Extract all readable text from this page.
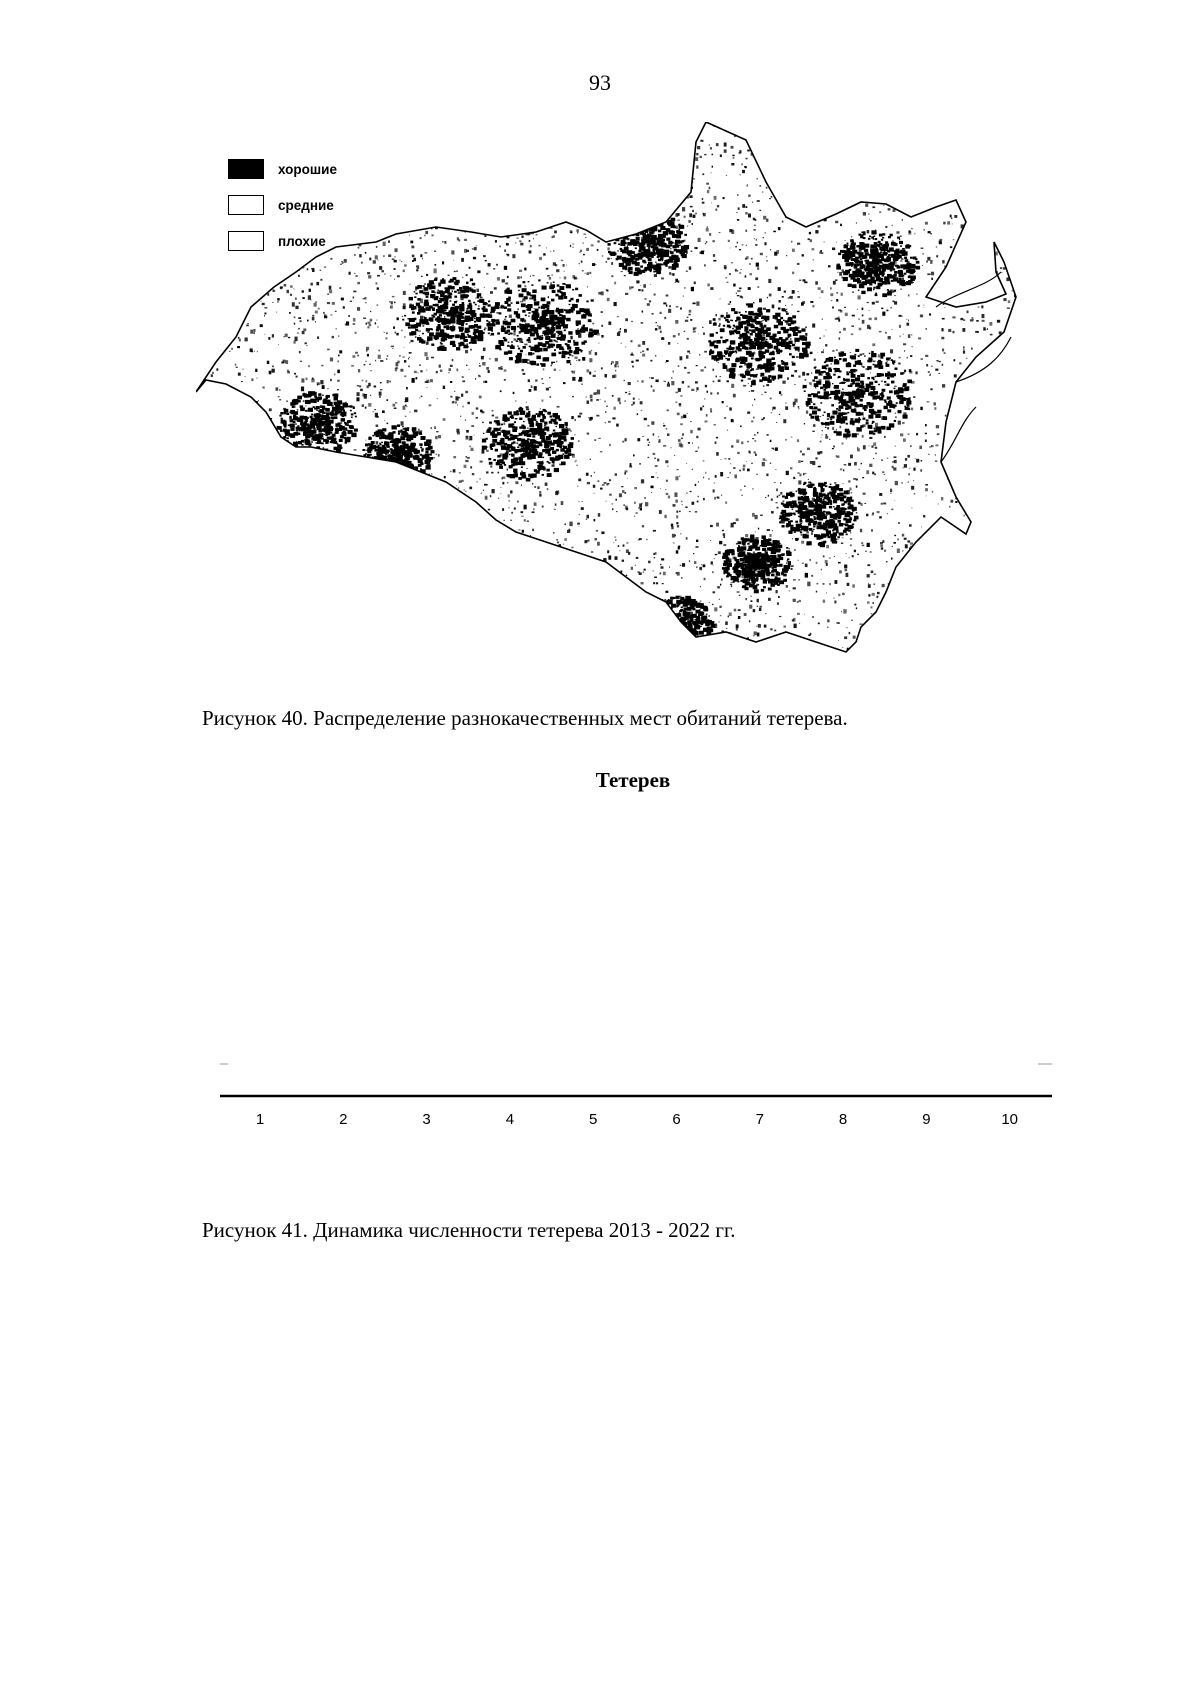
93
хорошие
средние
плохие
Рисунок 40. Распределение разнокачественных мест обитаний тетерева.
Тетерев
1	2	3	4	5	6	7	8	9	10
Рисунок 41. Динамика численности тетерева 2013 - 2022 гг.
